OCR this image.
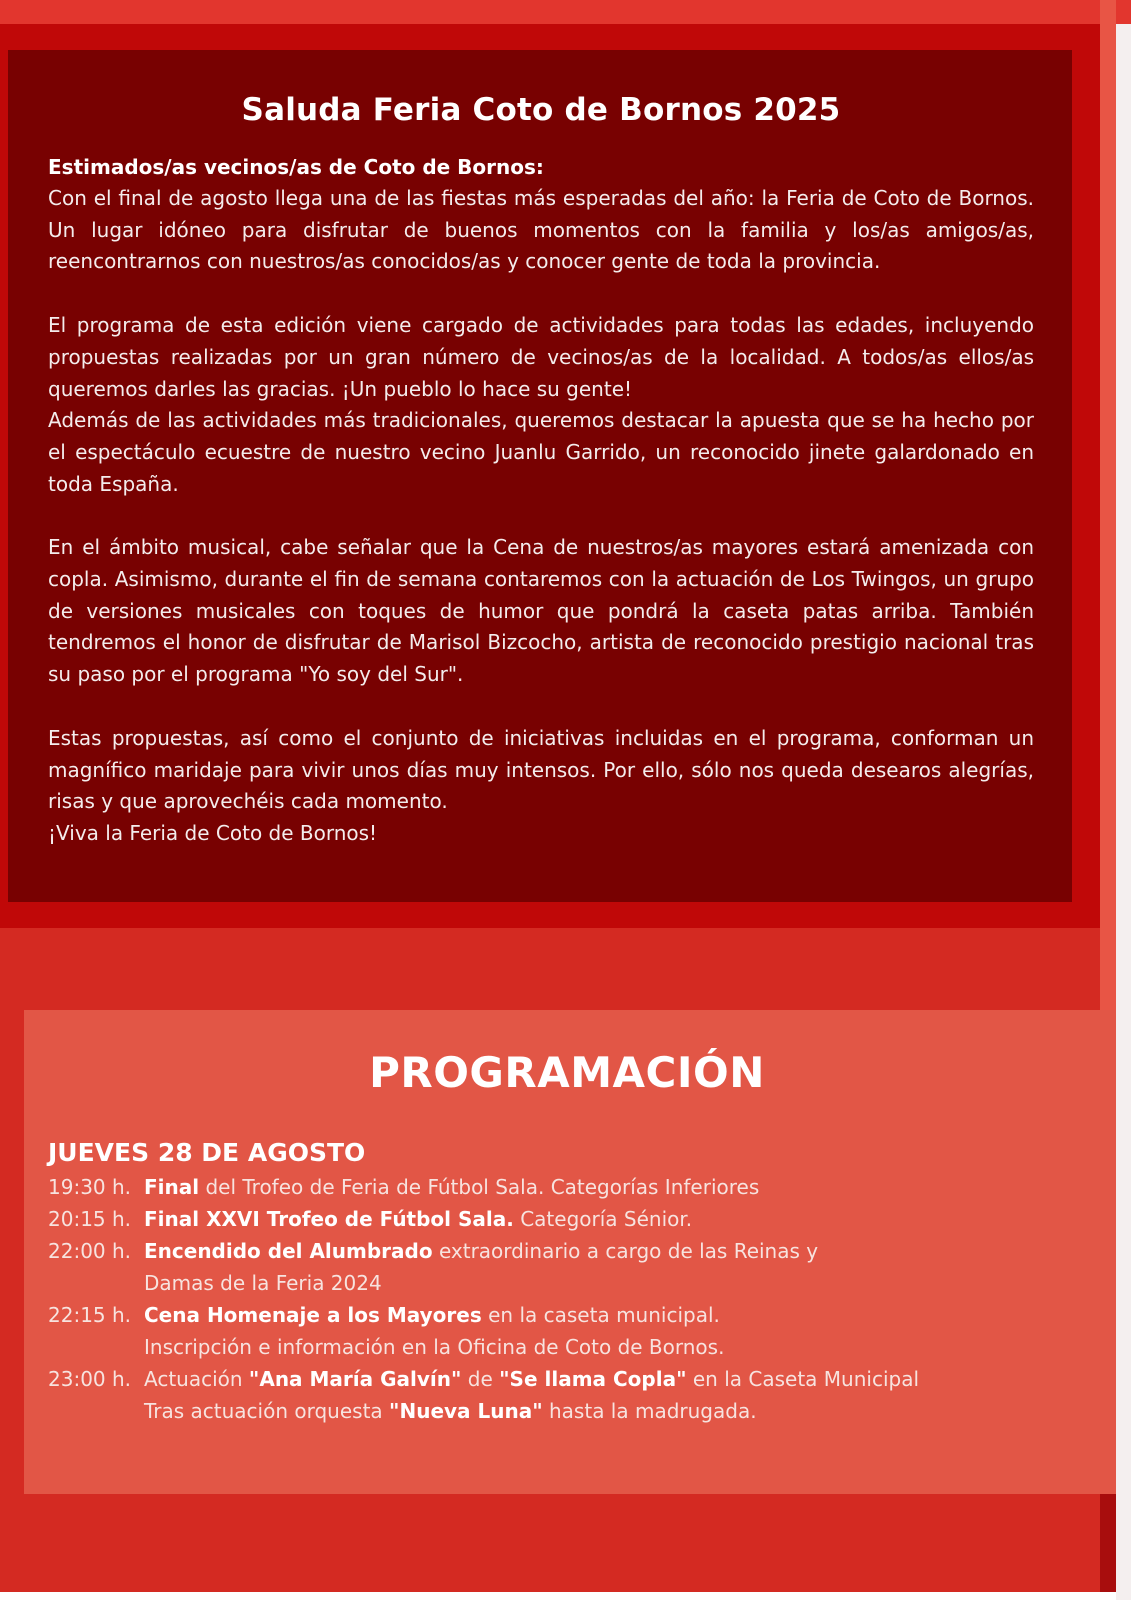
Saluda Feria Coto de Bornos 2025
Estimados/as vecinos/as de Coto de Bornos:

Con el final de agosto llega una de las fiestas más esperadas del año: la Feria de Coto de Bornos. Un lugar idóneo para disfrutar de buenos momentos con la familia y los/as amigos/as, reencontrarnos con nuestros/as conocidos/as y conocer gente de toda la provincia.

El programa de esta edición viene cargado de actividades para todas las edades, incluyendo propuestas realizadas por un gran número de vecinos/as de la localidad. A todos/as ellos/as queremos darles las gracias. ¡Un pueblo lo hace su gente!

Además de las actividades más tradicionales, queremos destacar la apuesta que se ha hecho por el espectáculo ecuestre de nuestro vecino Juanlu Garrido, un reconocido jinete galardonado en toda España.

En el ámbito musical, cabe señalar que la Cena de nuestros/as mayores estará amenizada con copla. Asimismo, durante el fin de semana contaremos con la actuación de Los Twingos, un grupo de versiones musicales con toques de humor que pondrá la caseta patas arriba. También tendremos el honor de disfrutar de Marisol Bizcocho, artista de reconocido prestigio nacional tras su paso por el programa "Yo soy del Sur".

Estas propuestas, así como el conjunto de iniciativas incluidas en el programa, conforman un magnífico maridaje para vivir unos días muy intensos. Por ello, sólo nos queda desearos alegrías, risas y que aprovechéis cada momento.

¡Viva la Feria de Coto de Bornos!

PROGRAMACIÓN
JUEVES 28 DE AGOSTO
19:30 h. Final del Trofeo de Feria de Fútbol Sala. Categorías Inferiores
20:15 h. Final XXVI Trofeo de Fútbol Sala. Categoría Sénior.
22:00 h. Encendido del Alumbrado extraordinario a cargo de las Reinas y
Damas de la Feria 2024
22:15 h. Cena Homenaje a los Mayores en la caseta municipal.
Inscripción e información en la Oficina de Coto de Bornos.
23:00 h. Actuación "Ana María Galvín" de "Se llama Copla" en la Caseta Municipal
Tras actuación orquesta "Nueva Luna" hasta la madrugada.
